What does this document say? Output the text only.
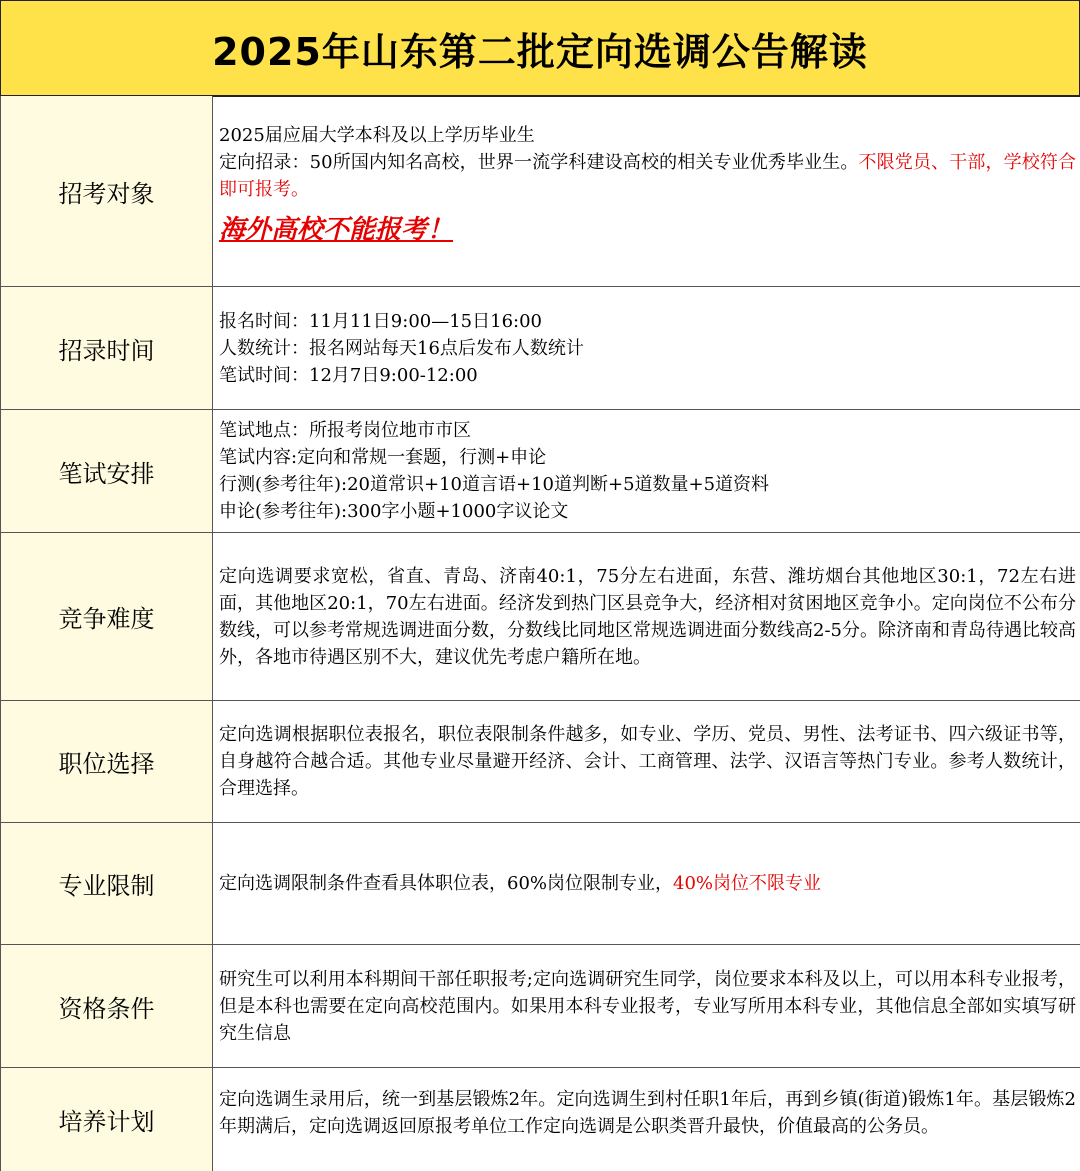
2025年山东第二批定向选调公告解读
招考对象

2025届应届大学本科及以上学历毕业生

定向招录：50所国内知名高校，世界一流学科建设高校的相关专业优秀毕业生。不限党员、干部，学校符合即可报考。

海外高校不能报考！

招录时间

报名时间：11月11日9:00—15日16:00

人数统计：报名网站每天16点后发布人数统计

笔试时间：12月7日9:00-12:00

笔试安排

笔试地点：所报考岗位地市市区

笔试内容:定向和常规一套题，行测+申论

行测(参考往年):20道常识+10道言语+10道判断+5道数量+5道资料

申论(参考往年):300字小题+1000字议论文

竞争难度

定向选调要求宽松，省直、青岛、济南40:1，75分左右进面，东营、潍坊烟台其他地区30:1，72左右进面，其他地区20:1，70左右进面。经济发到热门区县竞争大，经济相对贫困地区竞争小。定向岗位不公布分数线，可以参考常规选调进面分数，分数线比同地区常规选调进面分数线高2-5分。除济南和青岛待遇比较高外，各地市待遇区别不大，建议优先考虑户籍所在地。

职位选择

定向选调根据职位表报名，职位表限制条件越多，如专业、学历、党员、男性、法考证书、四六级证书等，自身越符合越合适。其他专业尽量避开经济、会计、工商管理、法学、汉语言等热门专业。参考人数统计，合理选择。

专业限制	定向选调限制条件查看具体职位表，60%岗位限制专业，40%岗位不限专业

资格条件

研究生可以利用本科期间干部任职报考;定向选调研究生同学，岗位要求本科及以上，可以用本科专业报考，但是本科也需要在定向高校范围内。如果用本科专业报考，专业写所用本科专业，其他信息全部如实填写研究生信息

培养计划

定向选调生录用后，统一到基层锻炼2年。定向选调生到村任职1年后，再到乡镇(街道)锻炼1年。基层锻炼2年期满后，定向选调返回原报考单位工作定向选调是公职类晋升最快，价值最高的公务员。
